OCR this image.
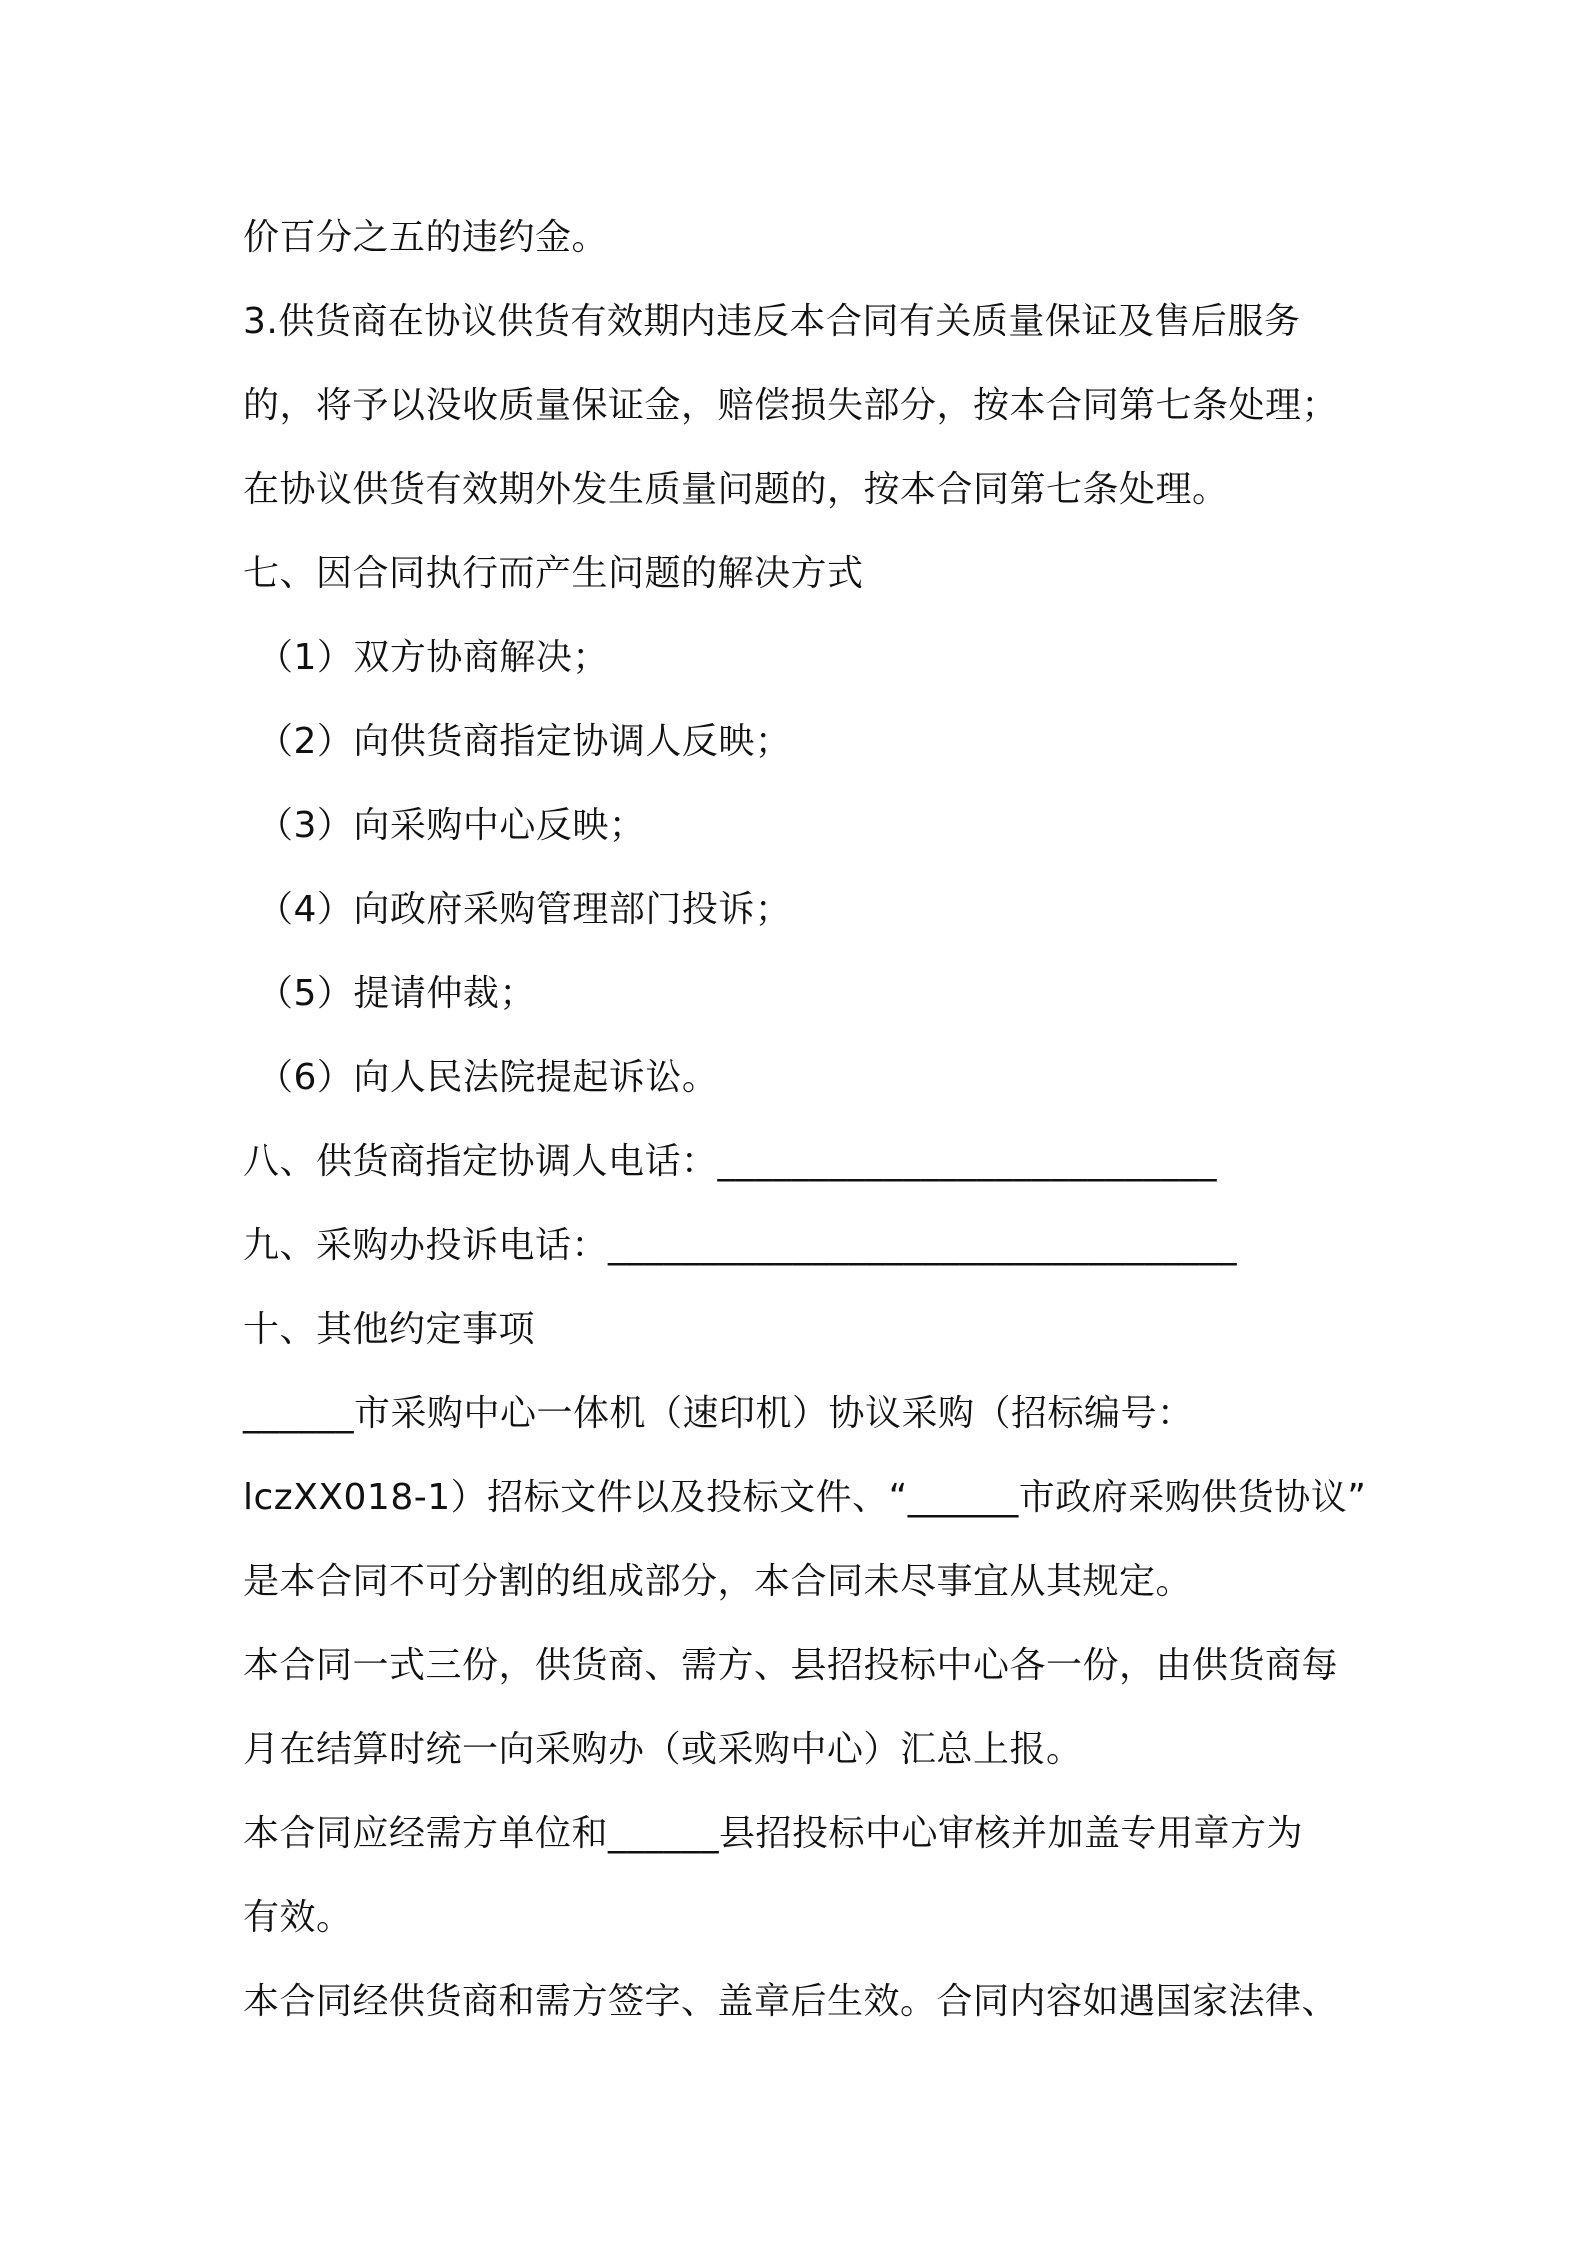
价百分之五的违约金。
3.供货商在协议供货有效期内违反本合同有关质量保证及售后服务
的，将予以没收质量保证金，赔偿损失部分，按本合同第七条处理；
在协议供货有效期外发生质量问题的，按本合同第七条处理。
七、因合同执行而产生问题的解决方式
（1）双方协商解决；
（2）向供货商指定协调人反映；
（3）向采购中心反映；
（4）向政府采购管理部门投诉；
（5）提请仲裁；
（6）向人民法院提起诉讼。
八、供货商指定协调人电话：___________________________
九、采购办投诉电话：__________________________________
十、其他约定事项
______市采购中心一体机（速印机）协议采购（招标编号：
lczXX018-1）招标文件以及投标文件、“______市政府采购供货协议”
是本合同不可分割的组成部分，本合同未尽事宜从其规定。
本合同一式三份，供货商、需方、县招投标中心各一份，由供货商每
月在结算时统一向采购办（或采购中心）汇总上报。
本合同应经需方单位和______县招投标中心审核并加盖专用章方为
有效。
本合同经供货商和需方签字、盖章后生效。合同内容如遇国家法律、
